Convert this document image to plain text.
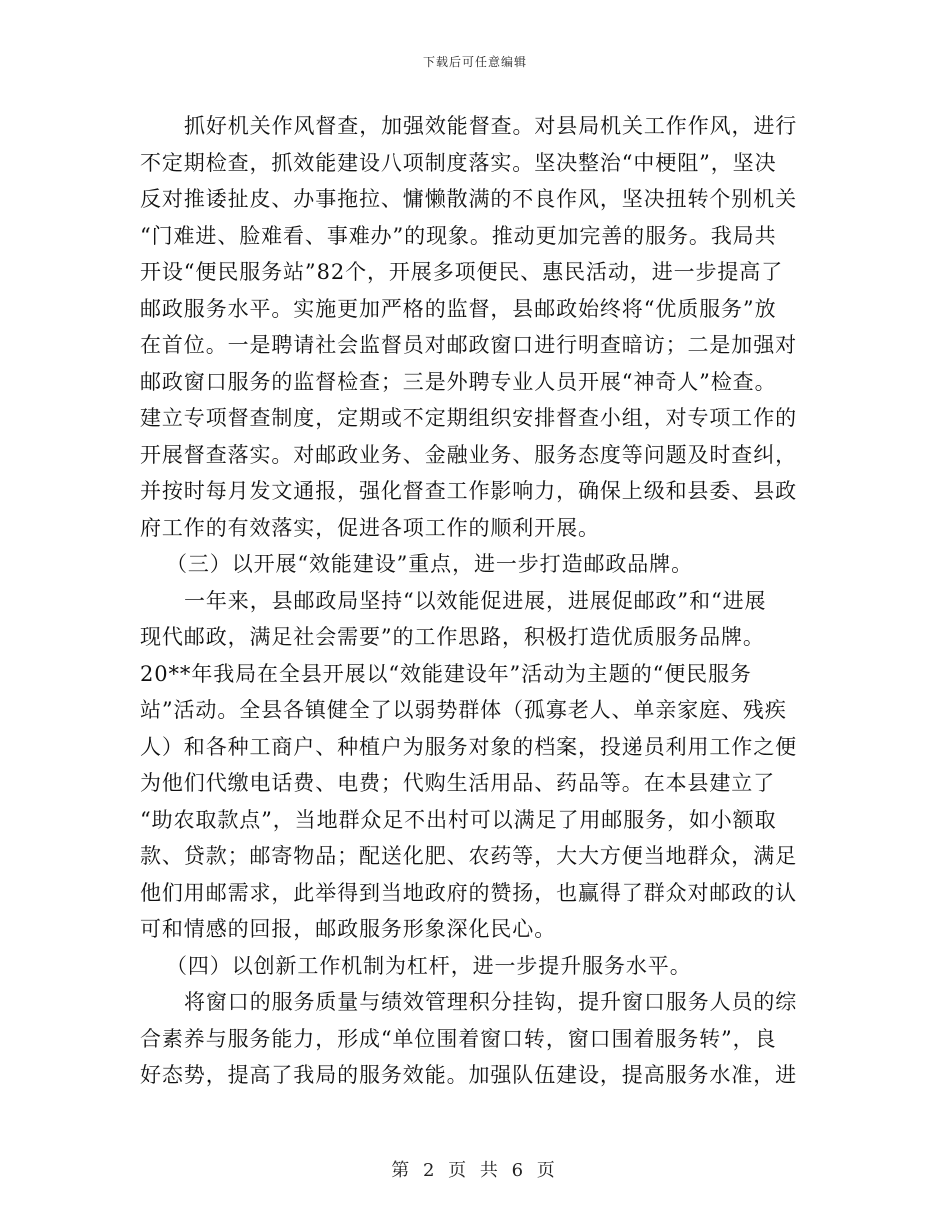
下载后可任意编辑
抓好机关作风督查，加强效能督查。对县局机关工作作风，进行
不定期检查，抓效能建设八项制度落实。坚决整治“中梗阻”，坚决
反对推诿扯皮、办事拖拉、慵懒散满的不良作风，坚决扭转个别机关
“门难进、脸难看、事难办”的现象。推动更加完善的服务。我局共
开设“便民服务站”82个，开展多项便民、惠民活动，进一步提高了
邮政服务水平。实施更加严格的监督，县邮政始终将“优质服务”放
在首位。一是聘请社会监督员对邮政窗口进行明查暗访；二是加强对
邮政窗口服务的监督检查；三是外聘专业人员开展“神奇人”检查。
建立专项督查制度，定期或不定期组织安排督查小组，对专项工作的
开展督查落实。对邮政业务、金融业务、服务态度等问题及时查纠，
并按时每月发文通报，强化督查工作影响力，确保上级和县委、县政
府工作的有效落实，促进各项工作的顺利开展。
（三）以开展“效能建设”重点，进一步打造邮政品牌。
一年来，县邮政局坚持“以效能促进展，进展促邮政”和“进展
现代邮政，满足社会需要”的工作思路，积极打造优质服务品牌。
20**年我局在全县开展以“效能建设年”活动为主题的“便民服务
站”活动。全县各镇健全了以弱势群体（孤寡老人、单亲家庭、残疾
人）和各种工商户、种植户为服务对象的档案，投递员利用工作之便
为他们代缴电话费、电费；代购生活用品、药品等。在本县建立了
“助农取款点”，当地群众足不出村可以满足了用邮服务，如小额取
款、贷款；邮寄物品；配送化肥、农药等，大大方便当地群众，满足
他们用邮需求，此举得到当地政府的赞扬，也赢得了群众对邮政的认
可和情感的回报，邮政服务形象深化民心。
（四）以创新工作机制为杠杆，进一步提升服务水平。
将窗口的服务质量与绩效管理积分挂钩，提升窗口服务人员的综
合素养与服务能力，形成“单位围着窗口转，窗口围着服务转”，良
好态势，提高了我局的服务效能。加强队伍建设，提高服务水准，进
第 2 页 共 6 页
